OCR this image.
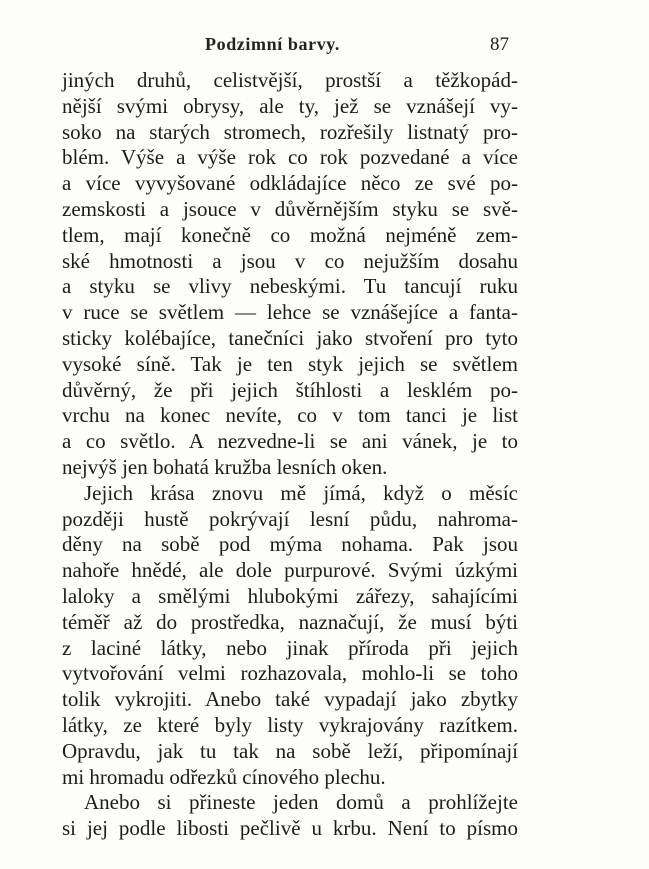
Podzimní barvy.	87
jiných druhů, celistvější, prostší a těžkopád-
nější svými obrysy, ale ty, jež se vznášejí vy-
soko na starých stromech, rozřešily listnatý pro-
blém. Výše a výše rok co rok pozvedané a více
a více vyvyšované odkládajíce něco ze své po-
zemskosti a jsouce v důvěrnějším styku se svě-
tlem, mají konečně co možná nejméně zem-
ské hmotnosti a jsou v co nejužším dosahu
a styku se vlivy nebeskými. Tu tancují ruku
v ruce se světlem — lehce se vznášejíce a fanta-
sticky kolébajíce, tanečníci jako stvoření pro tyto
vysoké síně. Tak je ten styk jejich se světlem
důvěrný, že při jejich štíhlosti a lesklém po-
vrchu na konec nevíte, co v tom tanci je list
a co světlo. A nezvedne-li se ani vánek, je to
nejvýš jen bohatá kružba lesních oken.
Jejich krása znovu mě jímá, když o měsíc
později hustě pokrývají lesní půdu, nahroma-
děny na sobě pod mýma nohama. Pak jsou
nahoře hnědé, ale dole purpurové. Svými úzkými
laloky a smělými hlubokými zářezy, sahajícími
téměř až do prostředka, naznačují, že musí býti
z laciné látky, nebo jinak příroda při jejich
vytvořování velmi rozhazovala, mohlo-li se toho
tolik vykrojiti. Anebo také vypadají jako zbytky
látky, ze které byly listy vykrajovány razítkem.
Opravdu, jak tu tak na sobě leží, připomínají
mi hromadu odřezků cínového plechu.
Anebo si přineste jeden domů a prohlížejte
si jej podle libosti pečlivě u krbu. Není to písmo
